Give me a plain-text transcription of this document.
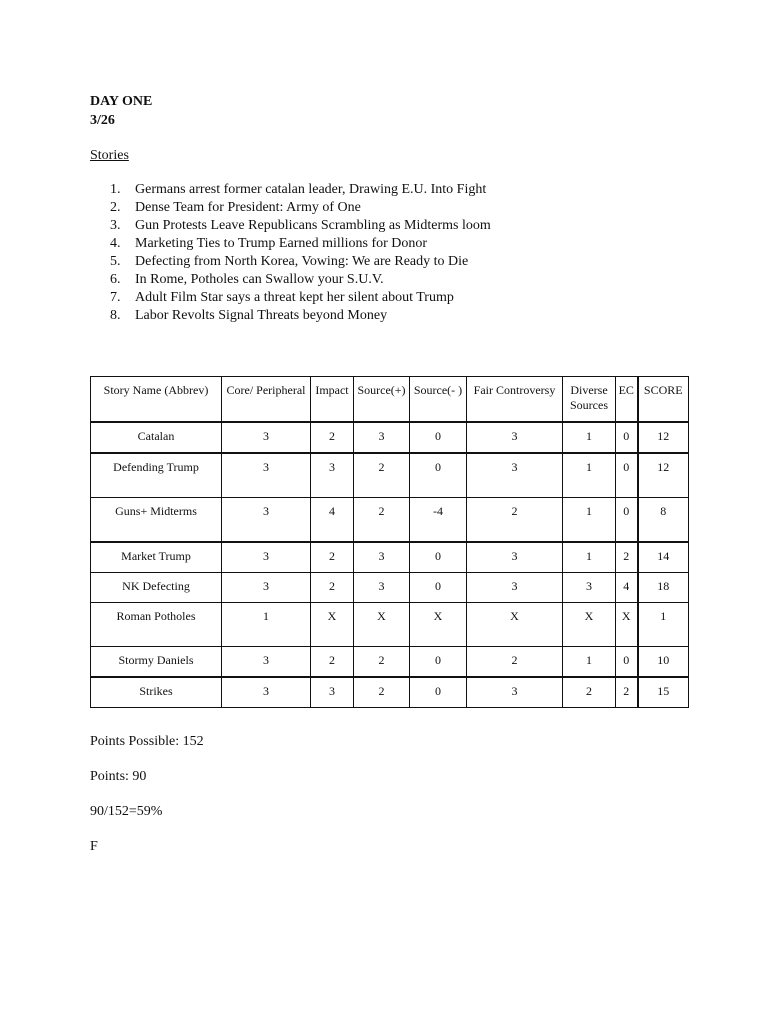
DAY ONE
3/26
Stories
1. Germans arrest former catalan leader, Drawing E.U. Into Fight
2. Dense Team for President: Army of One
3. Gun Protests Leave Republicans Scrambling as Midterms loom
4. Marketing Ties to Trump Earned millions for Donor
5. Defecting from North Korea, Vowing: We are Ready to Die
6. In Rome, Potholes can Swallow your S.U.V.
7. Adult Film Star says a threat kept her silent about Trump
8. Labor Revolts Signal Threats beyond Money
Story Name (Abbrev)	Core/ Peripheral	Impact	Source(+)	Source(- )	Fair Controversy	Diverse Sources	EC	SCORE
Catalan	3	2	3	0	3	1	0	12
Defending Trump	3	3	2	0	3	1	0	12
Guns+ Midterms	3	4	2	-4	2	1	0	8
Market Trump	3	2	3	0	3	1	2	14
NK Defecting	3	2	3	0	3	3	4	18
Roman Potholes	1	X	X	X	X	X	X	1
Stormy Daniels	3	2	2	0	2	1	0	10
Strikes	3	3	2	0	3	2	2	15
Points Possible: 152
Points: 90
90/152=59%
F
